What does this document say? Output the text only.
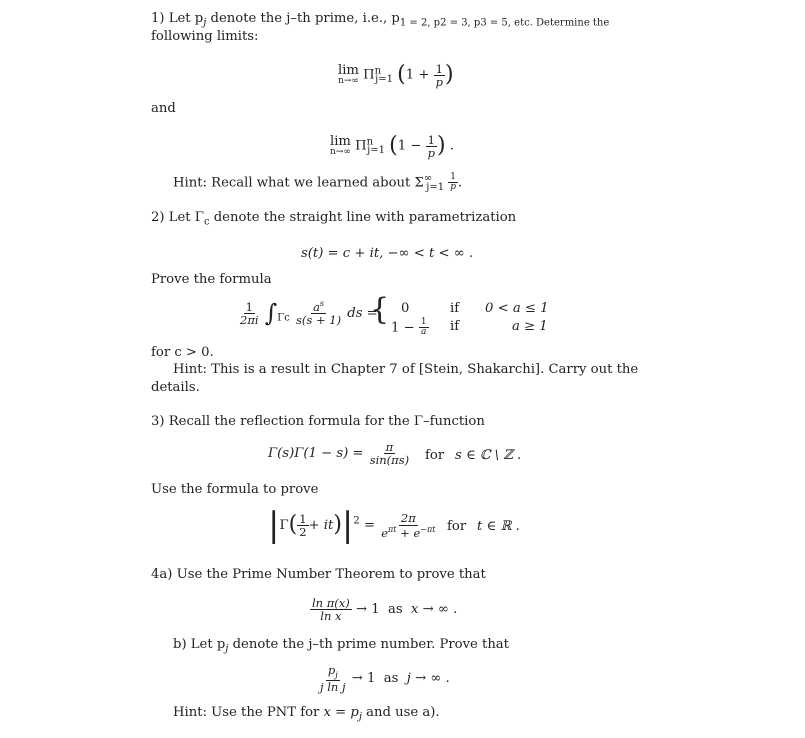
1) Let $p_j$ denote the j–th prime, i.e., $p_{1 = 2, p2 = 3, p3 = 5, etc. Determine the}$
following limits:
lim
n→∞ $\Pi^n_{j=1}$ ($1 + \frac{1}{p}$ )
and
lim
n→∞ $\Pi^n_{j=1}$ ($1 - \frac{1}{p}$ ) .
Hint: Recall what we learned about $\Sigma^\infty_{j=1} \frac{1}{p}$ .
2) Let $\Gamma_c$ denote the straight line with parametrization
s(t) = c + it, −∞ < t < ∞ .
Prove the formula
$\frac{1}{2\pi i} \int_{\Gamma c} \frac{a^s}{s(s + 1)}$ ds =
{ 0	if 0 < a ≤ 1
$1 - \frac{1}{a}$ if	a ≥ 1
for c > 0.
Hint: This is a result in Chapter 7 of [Stein, Shakarchi]. Carry out the
details.
3) Recall the reflection formula for the Γ–function
$\Gamma(s)\Gamma(1 - s) = \frac{\pi}{\sin(\pi s)}$ for s ∈ ℂ \ ℤ .
Use the formula to prove
$|\Gamma( \frac{1}{2} + it)|^2 = \frac{2\pi}{e^{\pi t} + e^{-\pi t}}$ for t ∈ ℝ .
4a) Use the Prime Number Theorem to prove that
$\frac{\text{ln π(x)}}{\text{ln x}} \to 1$ as x → ∞ .
b) Let $p_j$ denote the j–th prime number. Prove that
$\frac{p_j}{\text{j ln j}} \to 1$ as j → ∞ .
Hint: Use the PNT for $x = p_j$ and use a).
